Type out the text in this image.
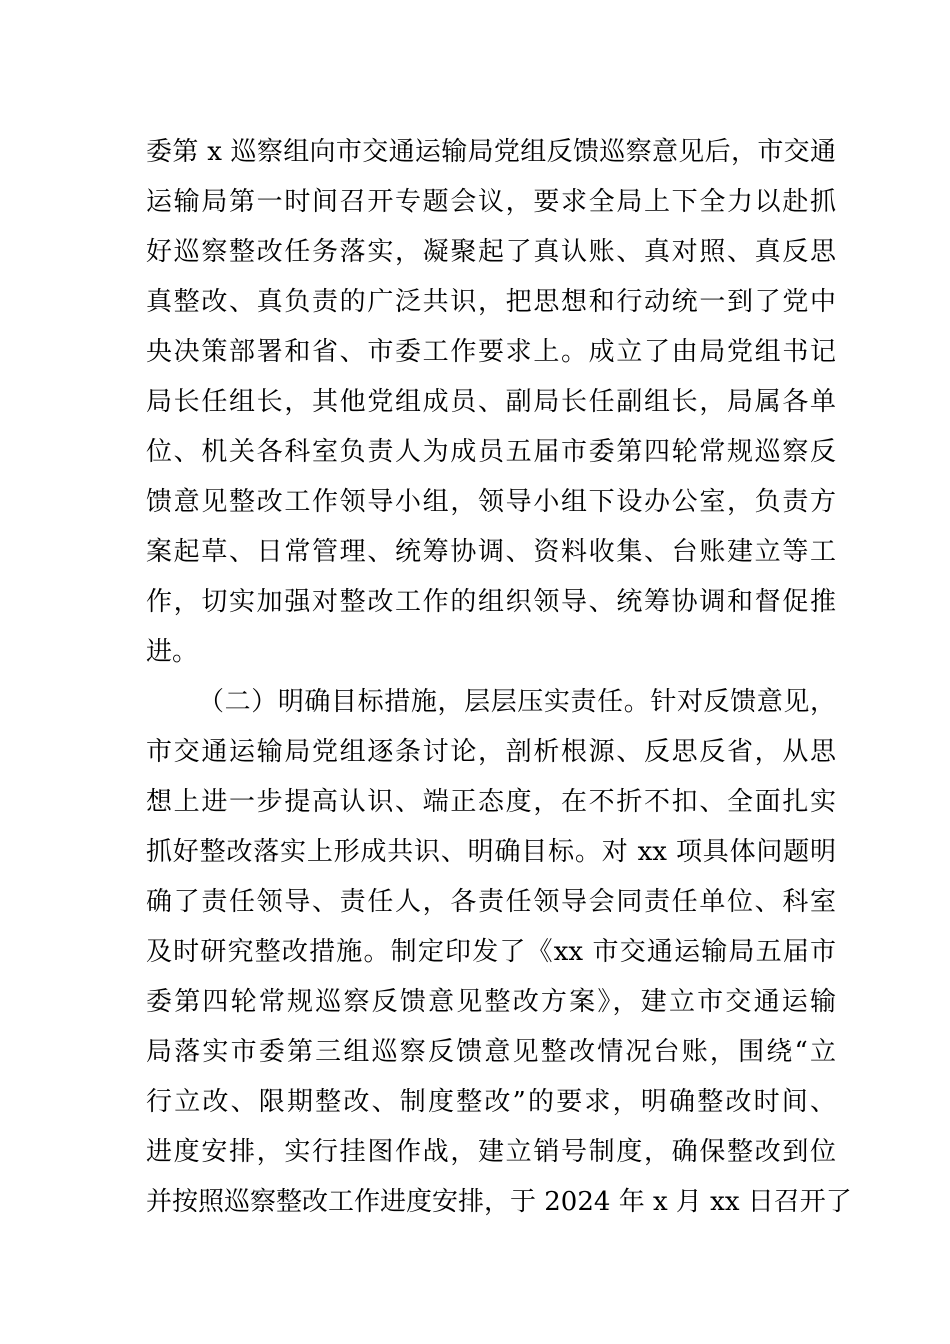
委第 x 巡察组向市交通运输局党组反馈巡察意见后，市交通
运输局第一时间召开专题会议，要求全局上下全力以赴抓
好巡察整改任务落实，凝聚起了真认账、真对照、真反思
真整改、真负责的广泛共识，把思想和行动统一到了党中
央决策部署和省、市委工作要求上。成立了由局党组书记
局长任组长，其他党组成员、副局长任副组长，局属各单
位、机关各科室负责人为成员五届市委第四轮常规巡察反
馈意见整改工作领导小组，领导小组下设办公室，负责方
案起草、日常管理、统筹协调、资料收集、台账建立等工
作，切实加强对整改工作的组织领导、统筹协调和督促推
进。
（二）明确目标措施，层层压实责任。针对反馈意见，
市交通运输局党组逐条讨论，剖析根源、反思反省，从思
想上进一步提高认识、端正态度，在不折不扣、全面扎实
抓好整改落实上形成共识、明确目标。对 xx 项具体问题明
确了责任领导、责任人，各责任领导会同责任单位、科室
及时研究整改措施。制定印发了《xx 市交通运输局五届市
委第四轮常规巡察反馈意见整改方案》，建立市交通运输
局落实市委第三组巡察反馈意见整改情况台账，围绕“立
行立改、限期整改、制度整改”的要求，明确整改时间、
进度安排，实行挂图作战，建立销号制度，确保整改到位
并按照巡察整改工作进度安排，于 2024 年 x 月 xx 日召开了
